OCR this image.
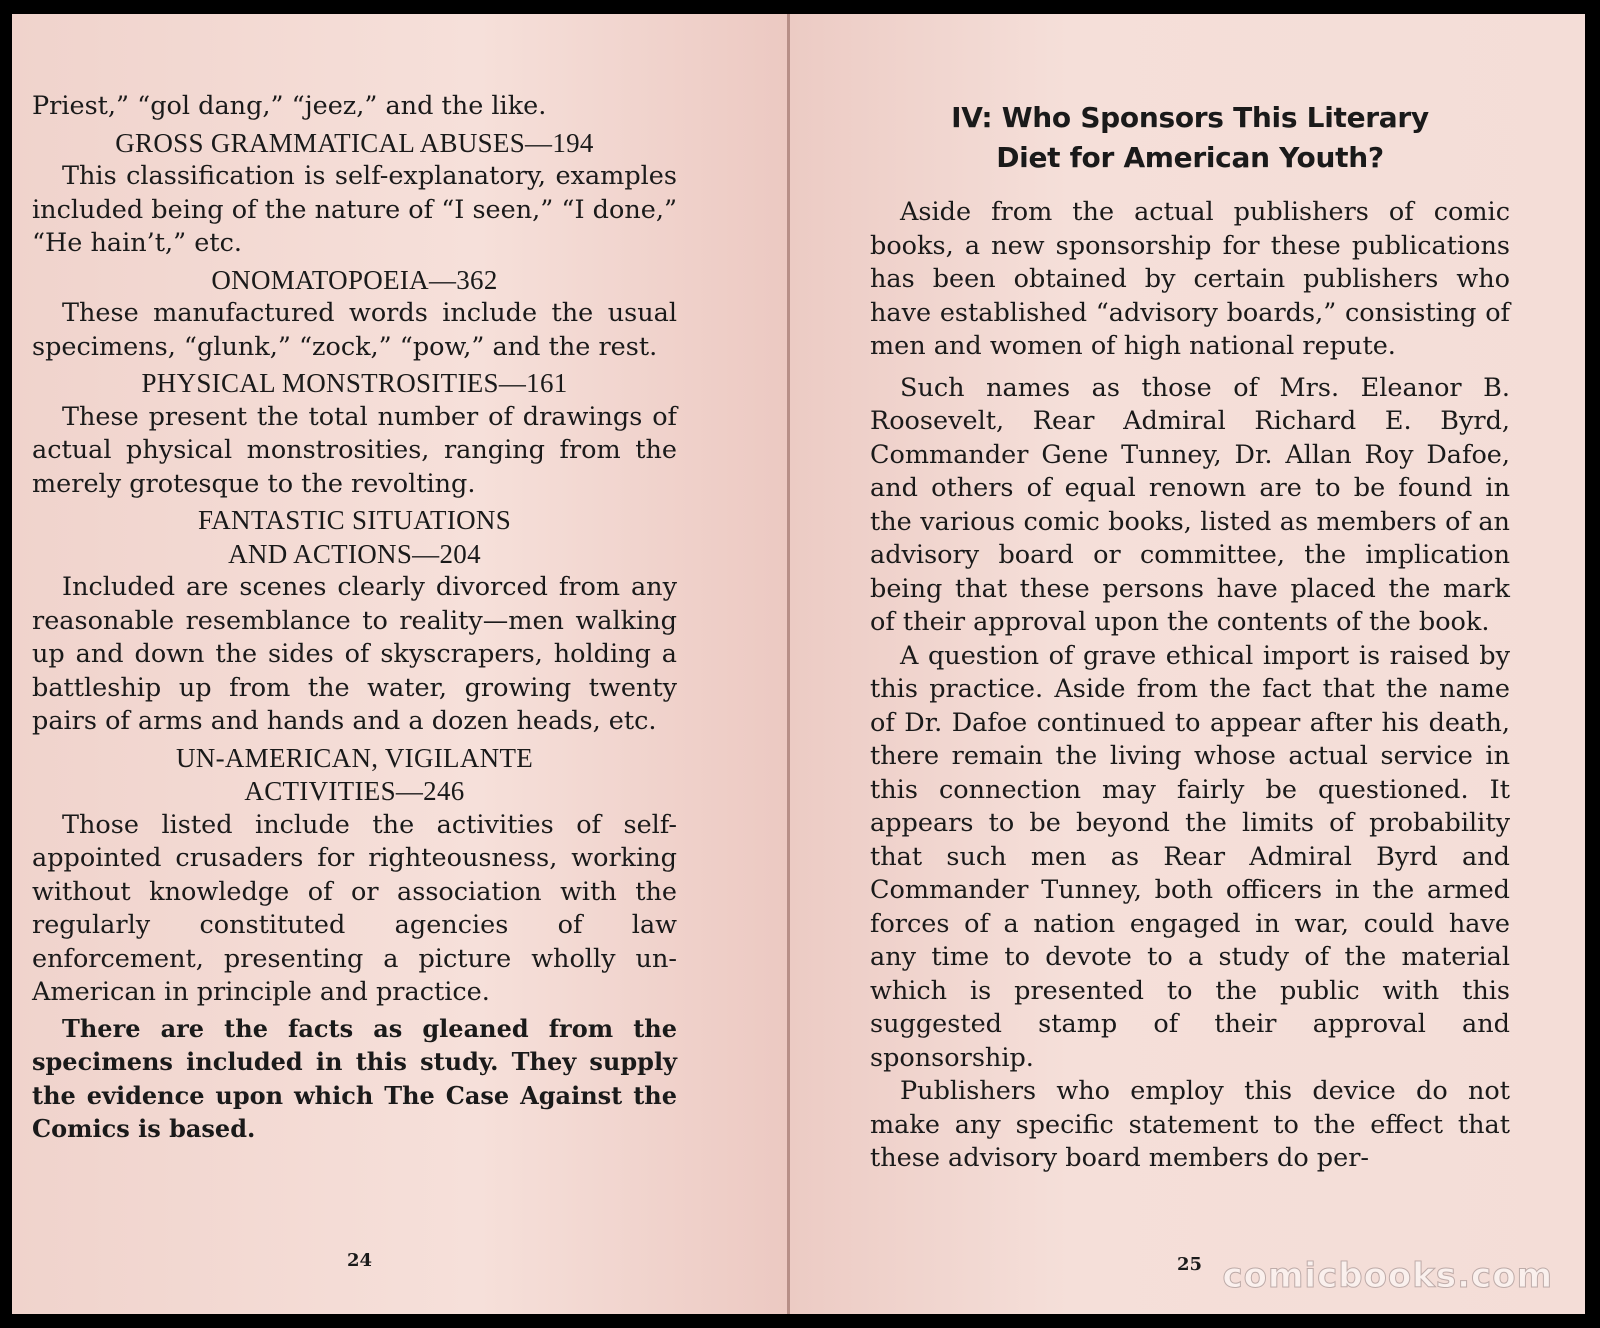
Priest,” “gol dang,” “jeez,” and the like.

GROSS GRAMMATICAL ABUSES—194

This classification is self-explanatory, examples included being of the nature of “I seen,” “I done,” “He hain’t,” etc.

ONOMATOPOEIA—362

These manufactured words include the usual specimens, “glunk,” “zock,” “pow,” and the rest.

PHYSICAL MONSTROSITIES—161

These present the total number of drawings of actual physical monstrosities, ranging from the merely grotesque to the revolting.

FANTASTIC SITUATIONS

AND ACTIONS—204

Included are scenes clearly divorced from any reasonable resemblance to reality—men walking up and down the sides of skyscrapers, holding a battleship up from the water, growing twenty pairs of arms and hands and a dozen heads, etc.

UN-AMERICAN, VIGILANTE

ACTIVITIES—246

Those listed include the activities of self-appointed crusaders for righteousness, working without knowledge of or association with the regularly constituted agencies of law enforcement, presenting a picture wholly un-American in principle and practice.

There are the facts as gleaned from the specimens included in this study. They supply the evidence upon which The Case Against the Comics is based.

24
IV: Who Sponsors This Literary
Diet for American Youth?

Aside from the actual publishers of comic books, a new sponsorship for these publications has been obtained by certain publishers who have established “advisory boards,” consisting of men and women of high national repute.

Such names as those of Mrs. Eleanor B. Roosevelt, Rear Admiral Richard E. Byrd, Commander Gene Tunney, Dr. Allan Roy Dafoe, and others of equal renown are to be found in the various comic books, listed as members of an advisory board or committee, the implication being that these persons have placed the mark of their approval upon the contents of the book.

A question of grave ethical import is raised by this practice. Aside from the fact that the name of Dr. Dafoe continued to appear after his death, there remain the living whose actual service in this connection may fairly be questioned. It appears to be beyond the limits of probability that such men as Rear Admiral Byrd and Commander Tunney, both officers in the armed forces of a nation engaged in war, could have any time to devote to a study of the material which is presented to the public with this suggested stamp of their approval and sponsorship.

Publishers who employ this device do not make any specific statement to the effect that these advisory board members do per-

25 comicbooks.com
